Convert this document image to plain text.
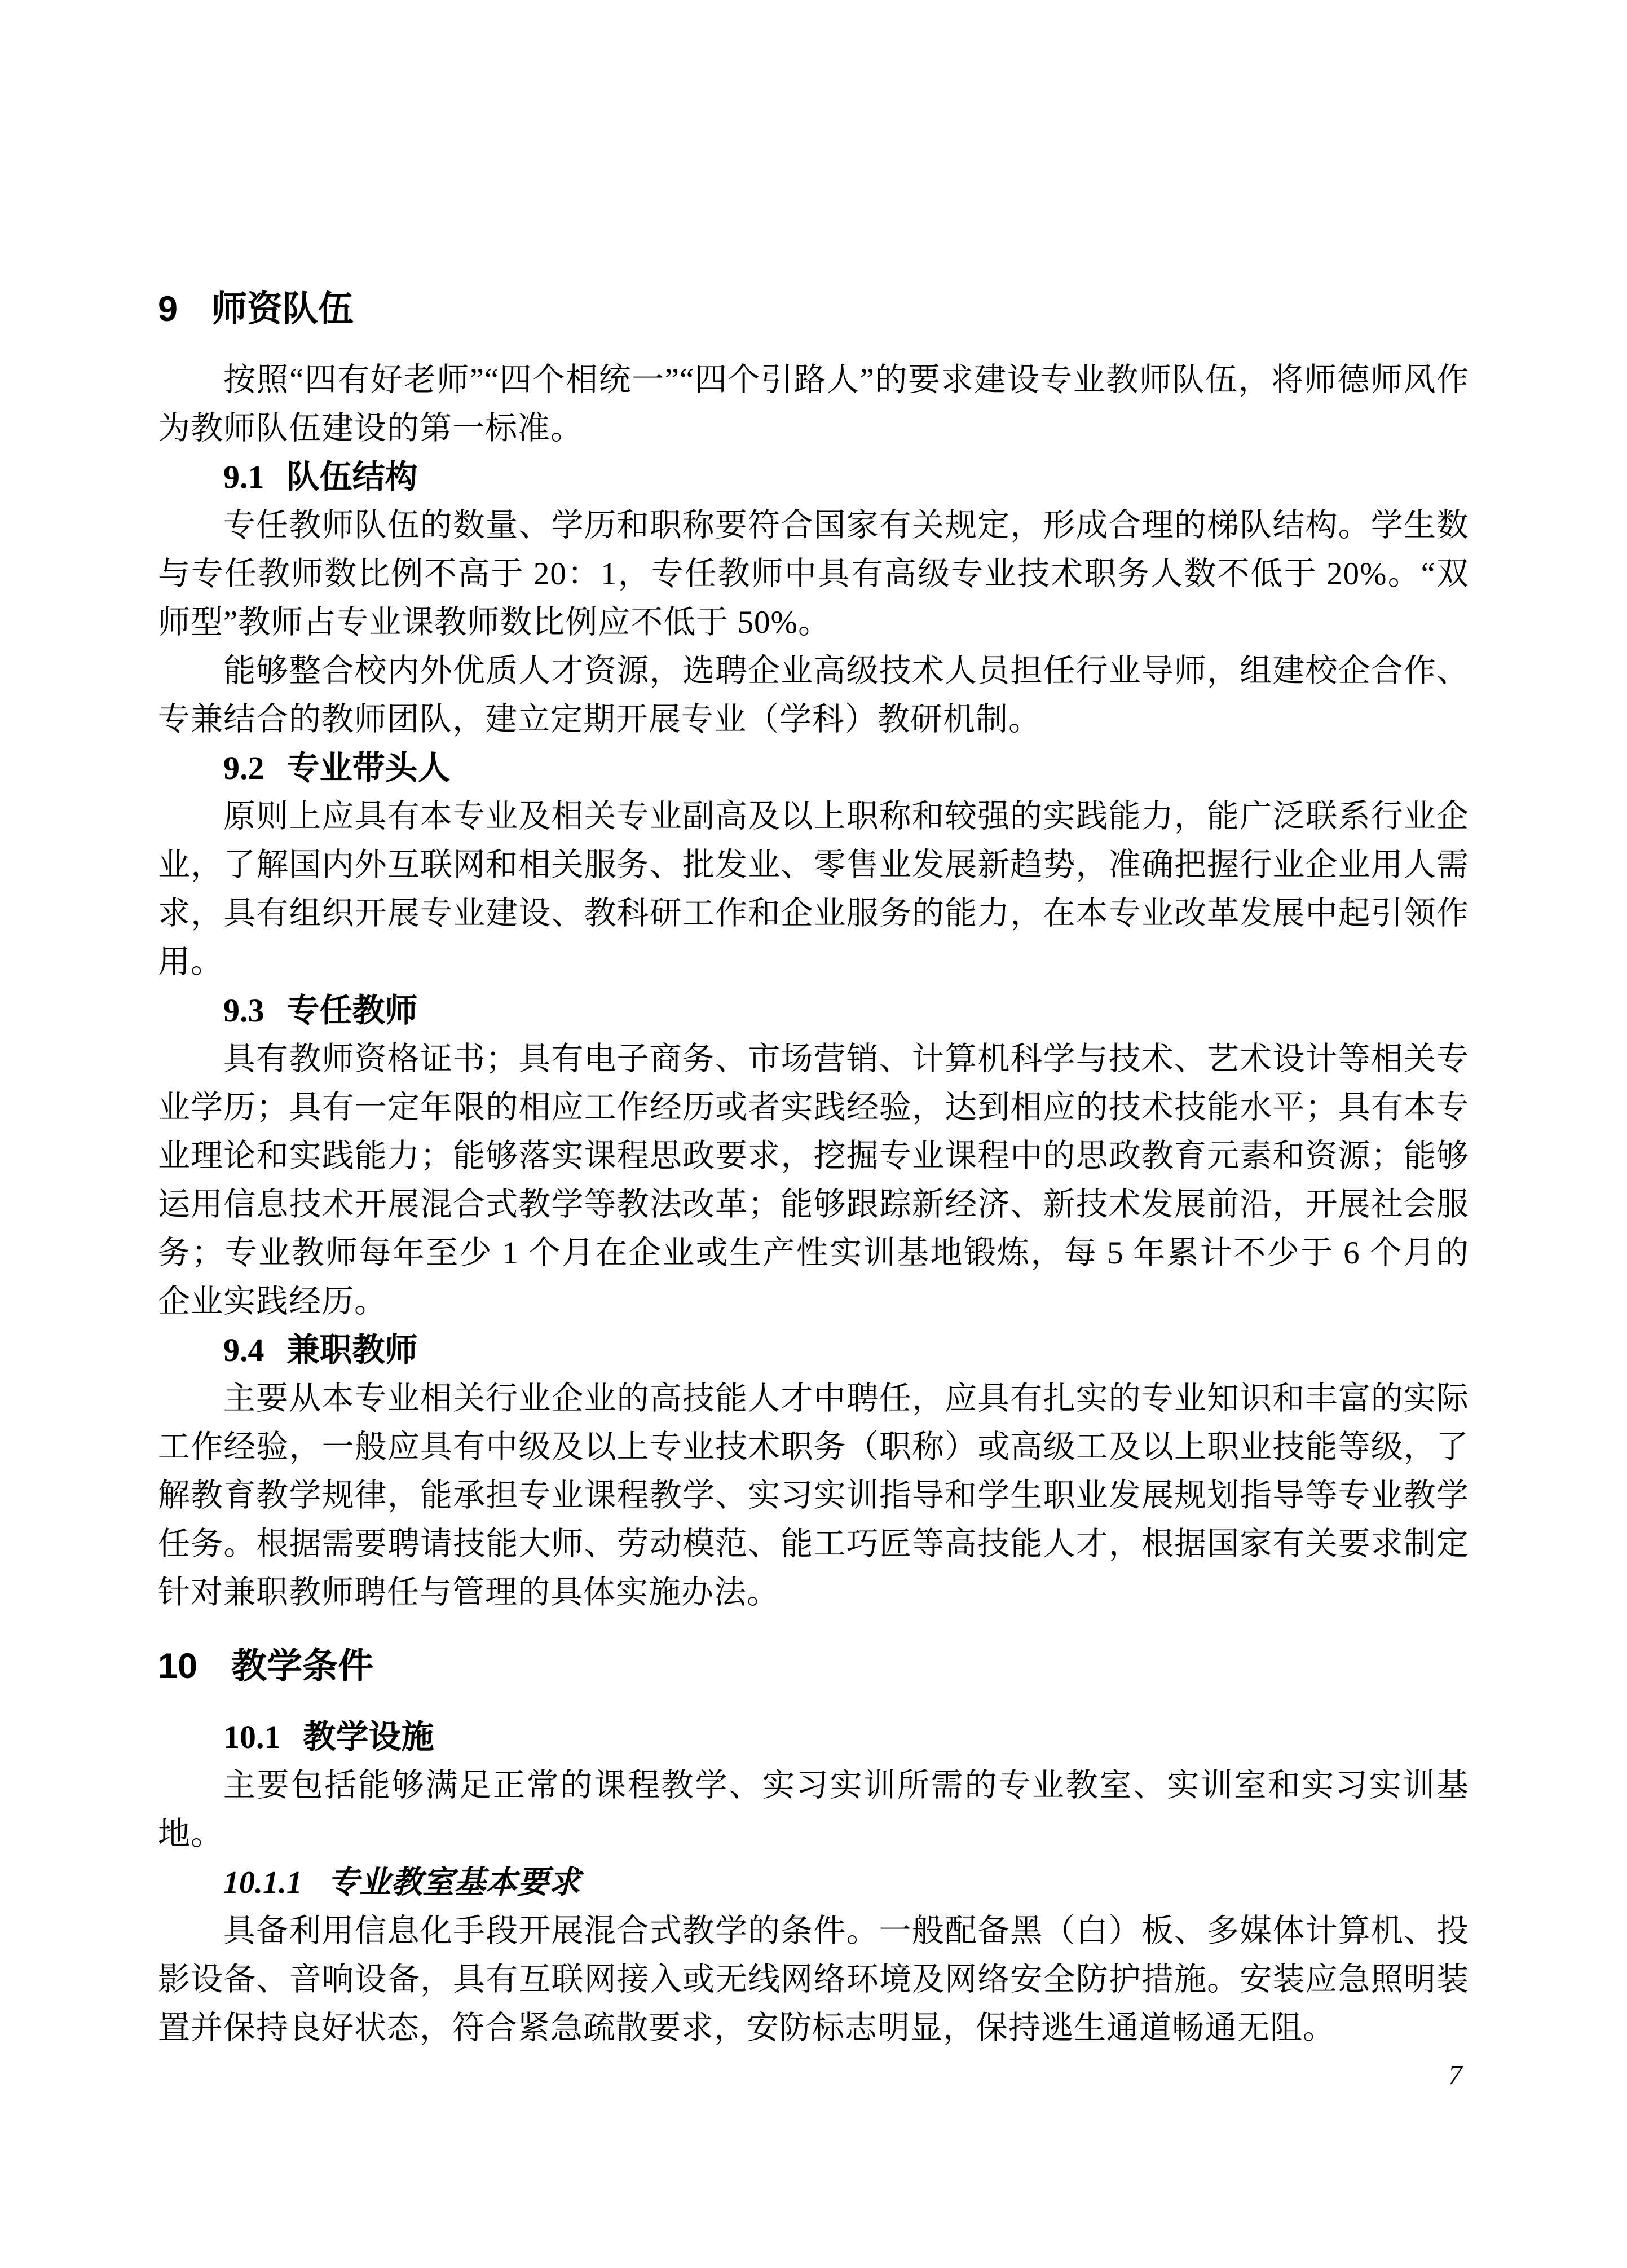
9 师资队伍

按照“四有好老师”“四个相统一”“四个引路人”的要求建设专业教师队伍，将师德师风作为教师队伍建设的第一标准。

9.1 队伍结构

专任教师队伍的数量、学历和职称要符合国家有关规定，形成合理的梯队结构。学生数与专任教师数比例不高于 20：1，专任教师中具有高级专业技术职务人数不低于 20%。“双师型”教师占专业课教师数比例应不低于 50%。

能够整合校内外优质人才资源，选聘企业高级技术人员担任行业导师，组建校企合作、专兼结合的教师团队，建立定期开展专业（学科）教研机制。

9.2 专业带头人

原则上应具有本专业及相关专业副高及以上职称和较强的实践能力，能广泛联系行业企业，了解国内外互联网和相关服务、批发业、零售业发展新趋势，准确把握行业企业用人需求，具有组织开展专业建设、教科研工作和企业服务的能力，在本专业改革发展中起引领作用。

9.3 专任教师

具有教师资格证书；具有电子商务、市场营销、计算机科学与技术、艺术设计等相关专业学历；具有一定年限的相应工作经历或者实践经验，达到相应的技术技能水平；具有本专业理论和实践能力；能够落实课程思政要求，挖掘专业课程中的思政教育元素和资源；能够运用信息技术开展混合式教学等教法改革；能够跟踪新经济、新技术发展前沿，开展社会服务；专业教师每年至少 1 个月在企业或生产性实训基地锻炼，每 5 年累计不少于 6 个月的企业实践经历。

9.4 兼职教师

主要从本专业相关行业企业的高技能人才中聘任，应具有扎实的专业知识和丰富的实际工作经验，一般应具有中级及以上专业技术职务（职称）或高级工及以上职业技能等级，了解教育教学规律，能承担专业课程教学、实习实训指导和学生职业发展规划指导等专业教学任务。根据需要聘请技能大师、劳动模范、能工巧匠等高技能人才，根据国家有关要求制定针对兼职教师聘任与管理的具体实施办法。

10 教学条件
10.1 教学设施

主要包括能够满足正常的课程教学、实习实训所需的专业教室、实训室和实习实训基地。

10.1.1 专业教室基本要求

具备利用信息化手段开展混合式教学的条件。一般配备黑（白）板、多媒体计算机、投影设备、音响设备，具有互联网接入或无线网络环境及网络安全防护措施。安装应急照明装置并保持良好状态，符合紧急疏散要求，安防标志明显，保持逃生通道畅通无阻。

7
